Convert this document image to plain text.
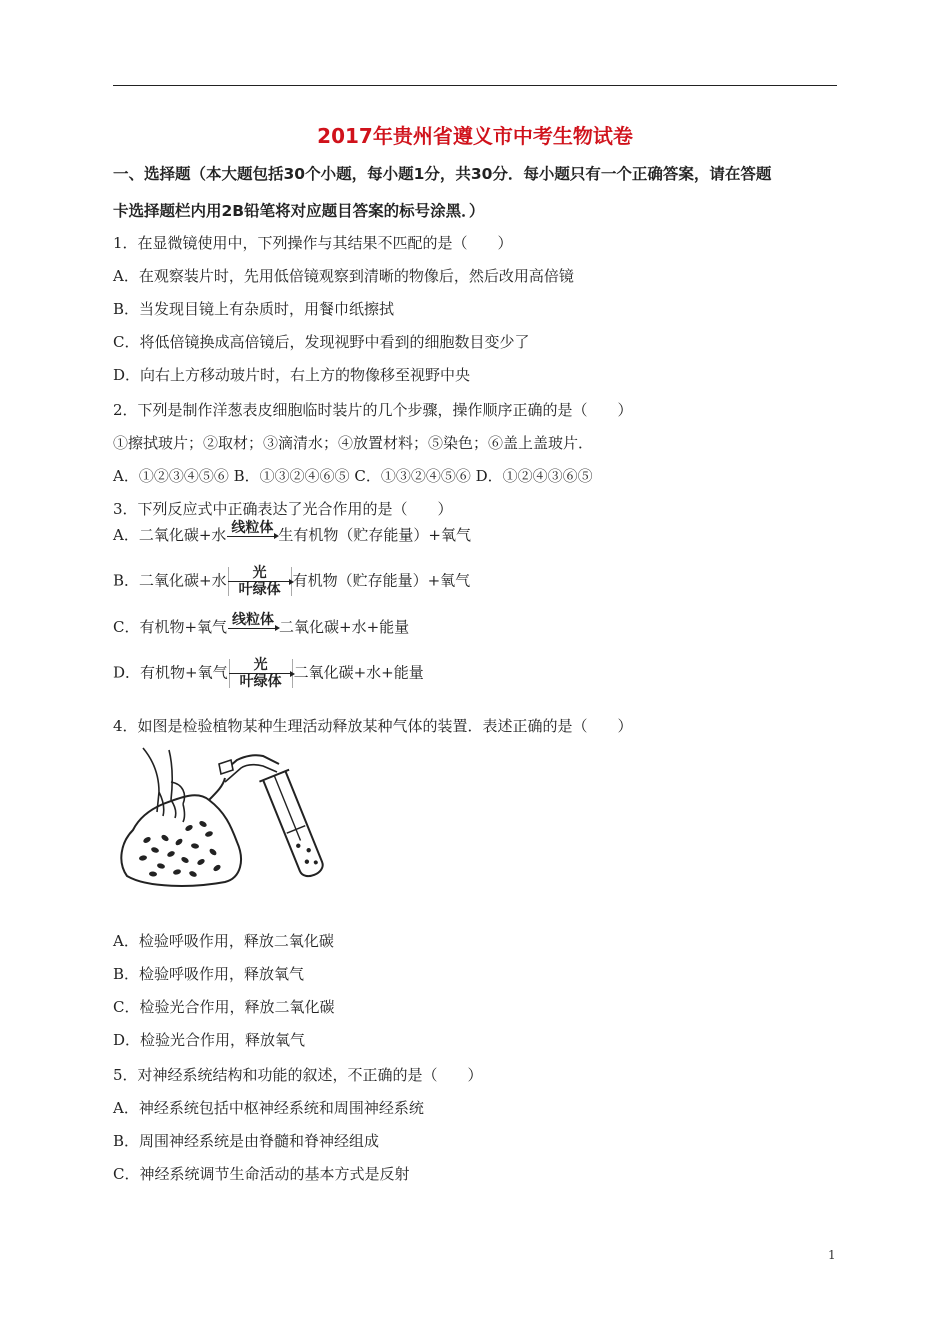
2017年贵州省遵义市中考生物试卷
一、选择题（本大题包括30个小题，每小题1分，共30分．每小题只有一个正确答案，请在答题
卡选择题栏内用2B铅笔将对应题目答案的标号涂黑．）
1．在显微镜使用中，下列操作与其结果不匹配的是（　　）
A．在观察装片时，先用低倍镜观察到清晰的物像后，然后改用高倍镜
B．当发现目镜上有杂质时，用餐巾纸擦拭
C．将低倍镜换成高倍镜后，发现视野中看到的细胞数目变少了
D．向右上方移动玻片时，右上方的物像移至视野中央
2．下列是制作洋葱表皮细胞临时装片的几个步骤，操作顺序正确的是（　　）
①擦拭玻片；②取材；③滴清水；④放置材料；⑤染色；⑥盖上盖玻片．
A．①②③④⑤⑥ B．①③②④⑥⑤ C．①③②④⑤⑥ D．①②④③⑥⑤
3．下列反应式中正确表达了光合作用的是（　　）
A．二氧化碳+水 线粒体 生有机物（贮存能量）+氧气
B．二氧化碳+水	光
叶绿体
有机物（贮存能量）+氧气
C．有机物+氧气 线粒体 二氧化碳+水+能量
D．有机物+氧气	光
叶绿体
二氧化碳+水+能量
4．如图是检验植物某种生理活动释放某种气体的装置．表述正确的是（　　）
A．检验呼吸作用，释放二氧化碳
B．检验呼吸作用，释放氧气
C．检验光合作用，释放二氧化碳
D．检验光合作用，释放氧气
5．对神经系统结构和功能的叙述，不正确的是（　　）
A．神经系统包括中枢神经系统和周围神经系统
B．周围神经系统是由脊髓和脊神经组成
C．神经系统调节生命活动的基本方式是反射
1
